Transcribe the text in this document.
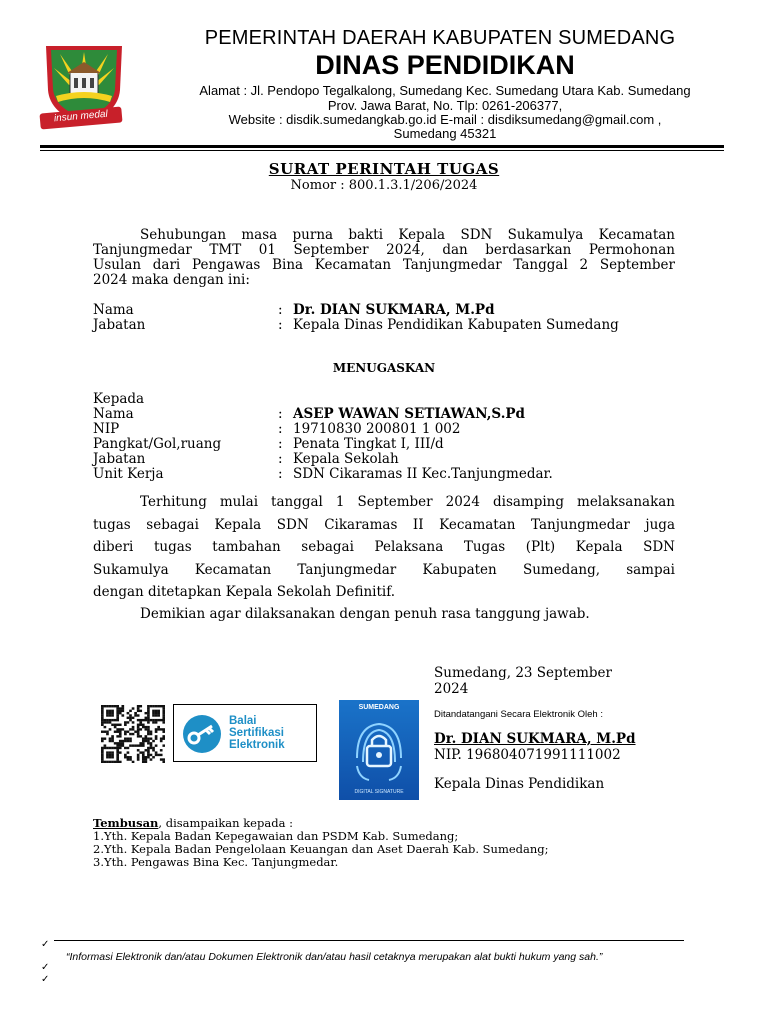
insun medal
PEMERINTAH DAERAH KABUPATEN SUMEDANG
DINAS PENDIDIKAN
Alamat : Jl. Pendopo Tegalkalong, Sumedang Kec. Sumedang Utara Kab. Sumedang
Prov. Jawa Barat, No. Tlp: 0261-206377,
Website : disdik.sumedangkab.go.id E-mail : disdiksumedang@gmail.com ,
Sumedang 45321
SURAT PERINTAH TUGAS
Nomor : 800.1.3.1/206/2024
Sehubungan masa purna bakti Kepala SDN Sukamulya Kecamatan
Tanjungmedar TMT 01 September 2024, dan berdasarkan Permohonan
Usulan dari Pengawas Bina Kecamatan Tanjungmedar Tanggal 2 September
2024 maka dengan ini:
Nama	: Dr. DIAN SUKMARA, M.Pd
Jabatan	: Kepala Dinas Pendidikan Kabupaten Sumedang
MENUGASKAN
Kepada
Nama	: ASEP WAWAN SETIAWAN,S.Pd
NIP	: 19710830 200801 1 002
Pangkat/Gol,ruang	: Penata Tingkat I, III/d
Jabatan	: Kepala Sekolah
Unit Kerja	: SDN Cikaramas II Kec.Tanjungmedar.
Terhitung mulai tanggal 1 September 2024 disamping melaksanakan
tugas sebagai Kepala SDN Cikaramas II Kecamatan Tanjungmedar juga
diberi tugas tambahan sebagai Pelaksana Tugas (Plt) Kepala SDN
Sukamulya Kecamatan Tanjungmedar Kabupaten Sumedang, sampai
dengan ditetapkan Kepala Sekolah Definitif.
Demikian agar dilaksanakan dengan penuh rasa tanggung jawab.
Sumedang, 23 September
2024
Balai
Sertifikasi
Elektronik
SUMEDANG
DIGITAL SIGNATURE
Ditandatangani Secara Elektronik Oleh :
Dr. DIAN SUKMARA, M.Pd
NIP. 196804071991111002
Kepala Dinas Pendidikan
Tembusan, disampaikan kepada :
1.Yth. Kepala Badan Kepegawaian dan PSDM Kab. Sumedang;
2.Yth. Kepala Badan Pengelolaan Keuangan dan Aset Daerah Kab. Sumedang;
3.Yth. Pengawas Bina Kec. Tanjungmedar.
✓
“Informasi Elektronik dan/atau Dokumen Elektronik dan/atau hasil cetaknya merupakan alat bukti hukum yang sah.”
✓
✓
